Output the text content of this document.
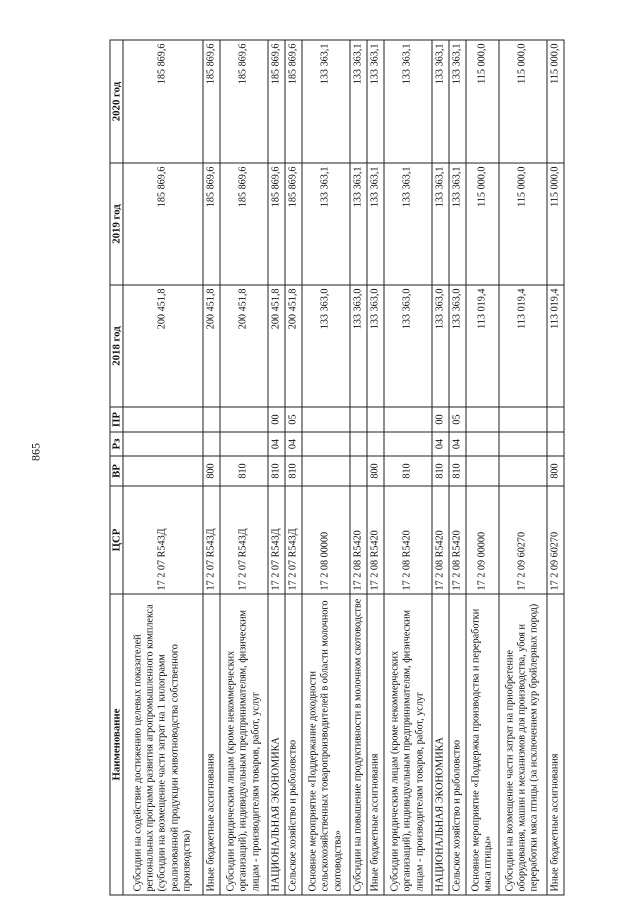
865
Наименование	ЦСР	ВР	Рз	ПР	2018 год	2019 год	2020 год
Субсидии на содействие достижению целевых показателей региональных программ развития агропромышленного комплекса (субсидии на возмещение части затрат на 1 килограмм реализованной продукции животноводства собственного производства)	17 2 07 R543Д				200 451,8	185 869,6	185 869,6
Иные бюджетные ассигнования	17 2 07 R543Д	800			200 451,8	185 869,6	185 869,6
Субсидии юридическим лицам (кроме некоммерческих организаций), индивидуальным предпринимателям, физическим лицам - производителям товаров, работ, услуг	17 2 07 R543Д	810			200 451,8	185 869,6	185 869,6
НАЦИОНАЛЬНАЯ ЭКОНОМИКА	17 2 07 R543Д	810	04	00	200 451,8	185 869,6	185 869,6
Сельское хозяйство и рыболовство	17 2 07 R543Д	810	04	05	200 451,8	185 869,6	185 869,6
Основное мероприятие «Поддержание доходности сельскохозяйственных товаропроизводителей в области молочного скотоводства»	17 2 08 00000				133 363,0	133 363,1	133 363,1
Субсидии на повышение продуктивности в молочном скотоводстве	17 2 08 R5420				133 363,0	133 363,1	133 363,1
Иные бюджетные ассигнования	17 2 08 R5420	800			133 363,0	133 363,1	133 363,1
Субсидии юридическим лицам (кроме некоммерческих организаций), индивидуальным предпринимателям, физическим лицам - производителям товаров, работ, услуг	17 2 08 R5420	810			133 363,0	133 363,1	133 363,1
НАЦИОНАЛЬНАЯ ЭКОНОМИКА	17 2 08 R5420	810	04	00	133 363,0	133 363,1	133 363,1
Сельское хозяйство и рыболовство	17 2 08 R5420	810	04	05	133 363,0	133 363,1	133 363,1
Основное мероприятие «Поддержка производства и переработки мяса птицы»	17 2 09 00000				113 019,4	115 000,0	115 000,0
Субсидии на возмещение части затрат на приобретение оборудования, машин и механизмов для производства, убоя и переработки мяса птицы (за исключением кур бройлерных пород)	17 2 09 60270				113 019,4	115 000,0	115 000,0
Иные бюджетные ассигнования	17 2 09 60270	800			113 019,4	115 000,0	115 000,0
